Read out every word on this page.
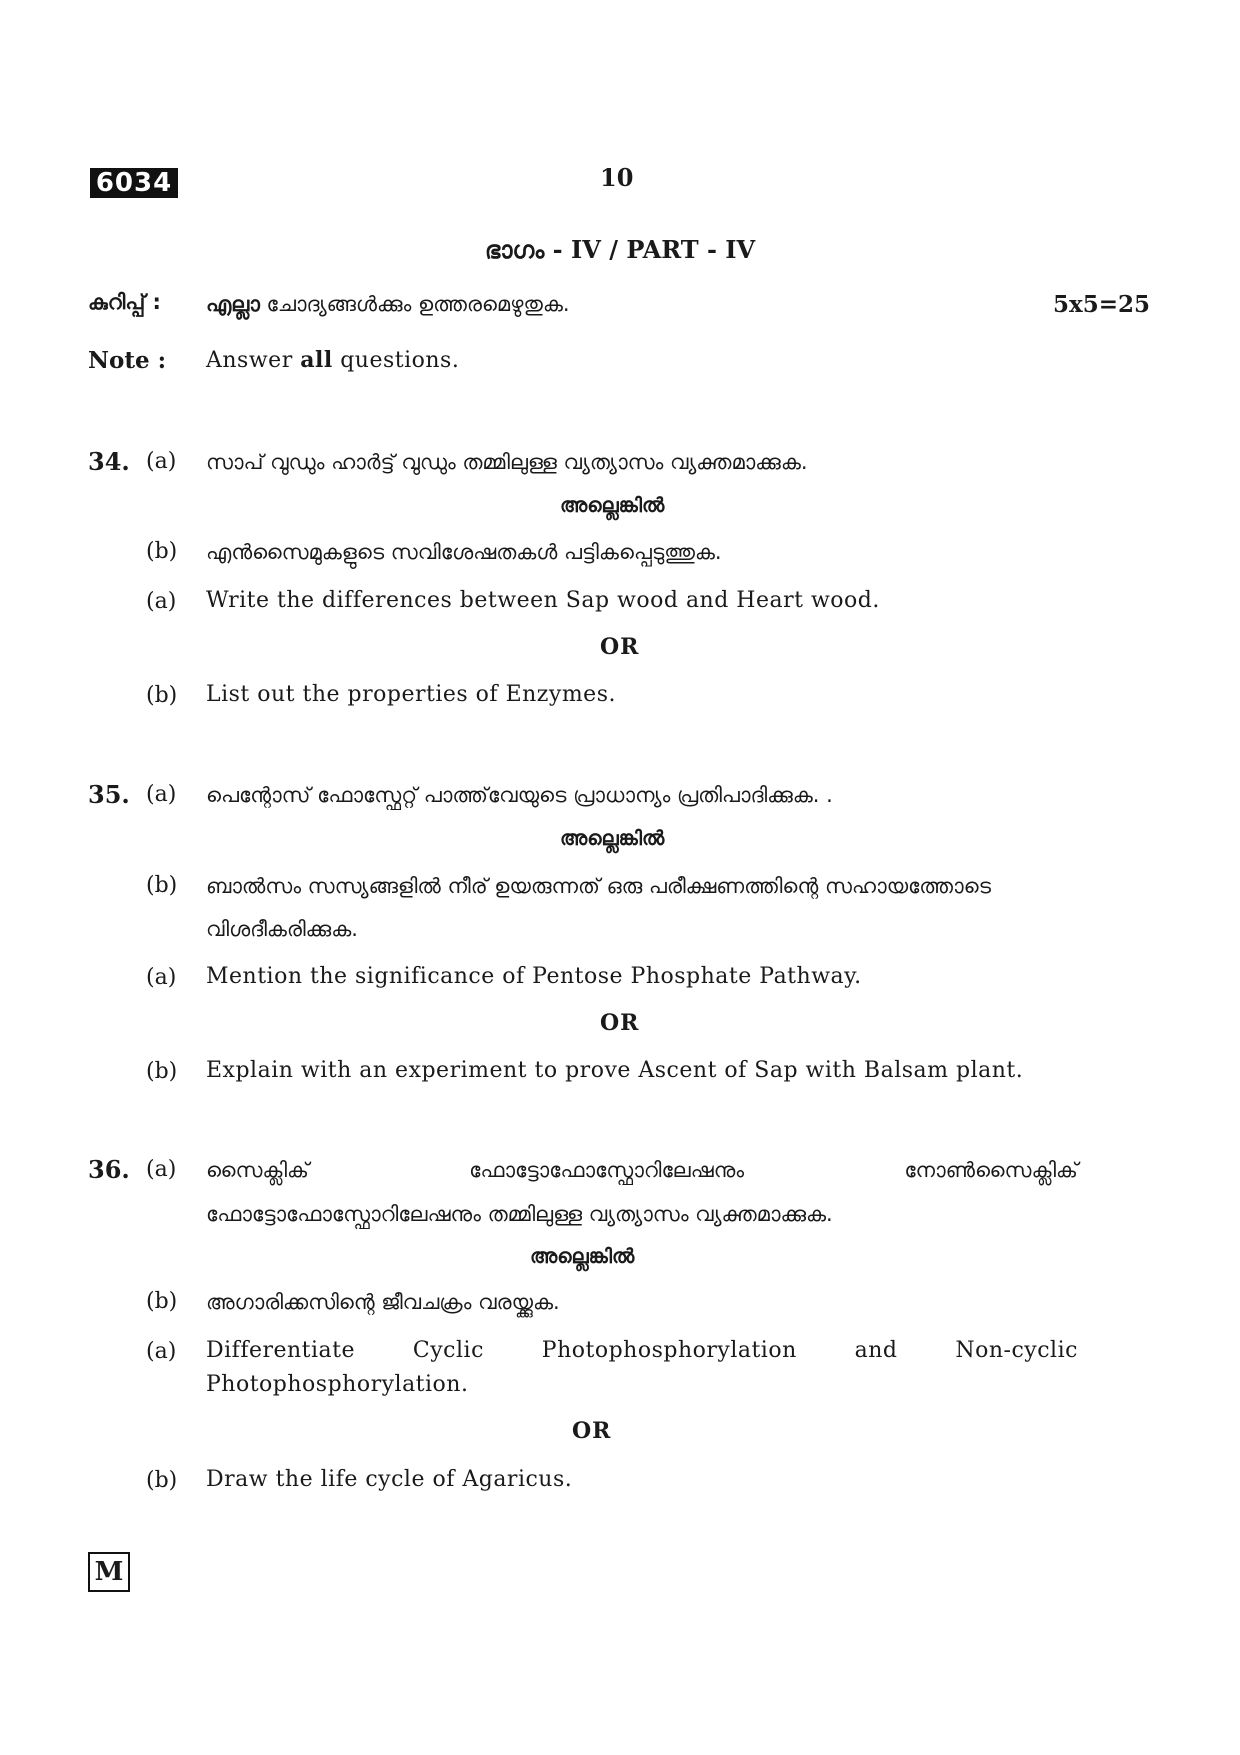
6034	10
ഭാഗം - IV / PART - IV
കുറിപ്പ് : എല്ലാ ചോദ്യങ്ങൾക്കും ഉത്തരമെഴുതുക.	5x5=25
Note : Answer all questions.
34. (a) സാപ് വുഡും ഹാർട്ട് വുഡും തമ്മിലുള്ള വ്യത്യാസം വ്യക്തമാക്കുക.
അല്ലെങ്കിൽ
(b) എൻസൈമുകളുടെ സവിശേഷതകൾ പട്ടികപ്പെടുത്തുക.
(a) Write the differences between Sap wood and Heart wood.
OR
(b) List out the properties of Enzymes.
35. (a) പെന്റോസ് ഫോസ്ഫേറ്റ് പാത്ത്‌വേയുടെ പ്രാധാന്യം പ്രതിപാദിക്കുക. .
അല്ലെങ്കിൽ
(b) ബാൽസം സസ്യങ്ങളിൽ നീര് ഉയരുന്നത് ഒരു പരീക്ഷണത്തിന്റെ സഹായത്തോടെ
വിശദീകരിക്കുക.
(a) Mention the significance of Pentose Phosphate Pathway.
OR
(b) Explain with an experiment to prove Ascent of Sap with Balsam plant.
36. (a) സൈക്ലിക്	ഫോട്ടോഫോസ്ഫോറിലേഷനും	നോൺസൈക്ലിക്
ഫോട്ടോഫോസ്ഫോറിലേഷനും തമ്മിലുള്ള വ്യത്യാസം വ്യക്തമാക്കുക.
അല്ലെങ്കിൽ
(b) അഗാരിക്കസിന്റെ ജീവചക്രം വരയ്ക്കുക.
(a) Differentiate	Cyclic	Photophosphorylation	and	Non-cyclic
Photophosphorylation.
OR
(b) Draw the life cycle of Agaricus.
M
